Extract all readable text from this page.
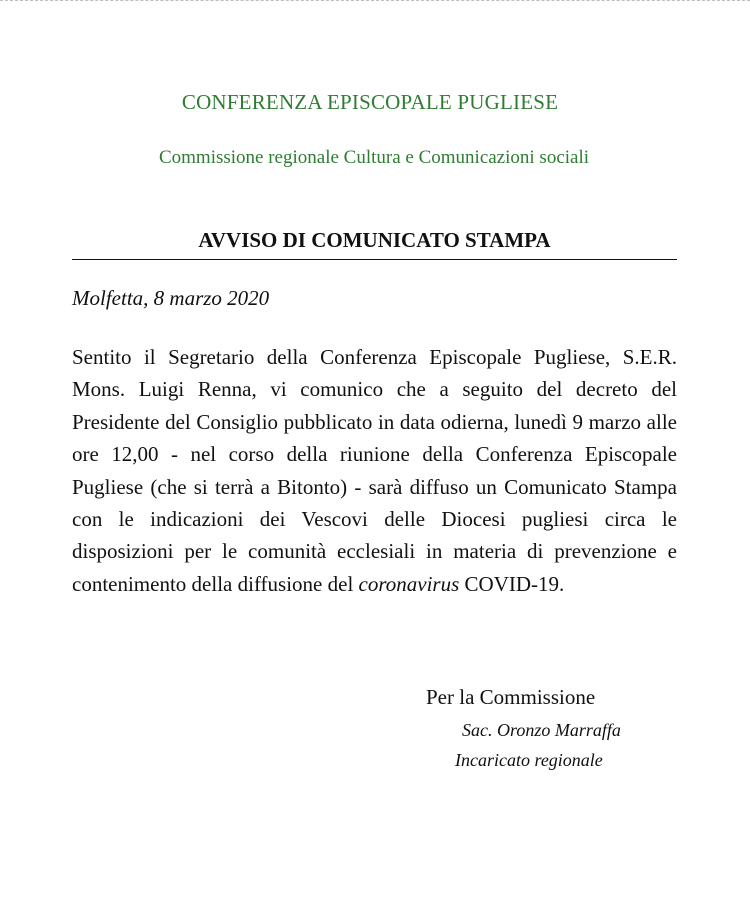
CONFERENZA EPISCOPALE PUGLIESE
Commissione regionale Cultura e Comunicazioni sociali
AVVISO DI COMUNICATO STAMPA
Molfetta, 8 marzo 2020

Sentito il Segretario della Conferenza Episcopale Pugliese, S.E.R. Mons. Luigi Renna, vi comunico che a seguito del decreto del Presidente del Consiglio pubblicato in data odierna, lunedì 9 marzo alle ore 12,00 - nel corso della riunione della Conferenza Episcopale Pugliese (che si terrà a Bitonto) - sarà diffuso un Comunicato Stampa con le indicazioni dei Vescovi delle Diocesi pugliesi circa le disposizioni per le comunità ecclesiali in materia di prevenzione e contenimento della diffusione del coronavirus COVID-19.

Per la Commissione
Sac. Oronzo Marraffa
Incaricato regionale
